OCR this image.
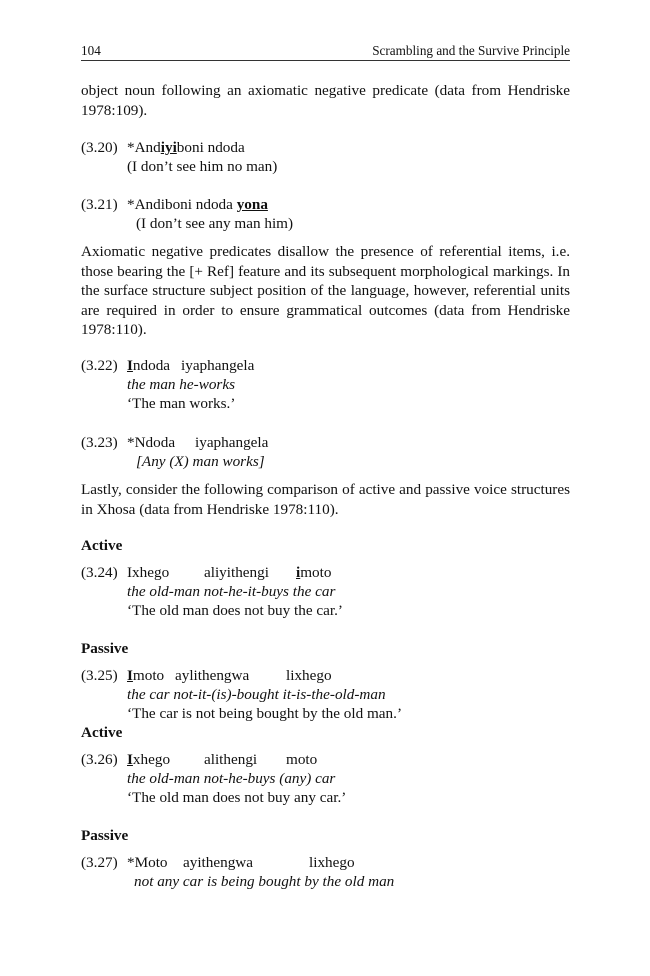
104	Scrambling and the Survive Principle
object noun following an axiomatic negative predicate (data from Hendriske 1978:109).
(3.20) *Andiyiboni ndoda
(I don’t see him no man)
(3.21) *Andiboni ndoda yona
(I don’t see any man him)
Axiomatic negative predicates disallow the presence of referential items, i.e. those bearing the [+ Ref] feature and its subsequent morphological markings. In the surface structure subject position of the language, however, referential units are required in order to ensure grammatical outcomes (data from Hendriske 1978:110).
(3.22) Indoda iyaphangela
the man he-works
‘The man works.’
(3.23) *Ndoda iyaphangela
[Any (X) man works]
Lastly, consider the following comparison of active and passive voice structures in Xhosa (data from Hendriske 1978:110).
Active
(3.24) Ixhego aliyithengi imoto
the old-man not-he-it-buys the car
‘The old man does not buy the car.’
Passive
(3.25) Imoto aylithengwa lixhego
the car not-it-(is)-bought it-is-the-old-man
‘The car is not being bought by the old man.’
Active
(3.26) Ixhego alithengi moto
the old-man not-he-buys (any) car
‘The old man does not buy any car.’
Passive
(3.27) *Moto ayithengwa	lixhego
not any car is being bought by the old man
